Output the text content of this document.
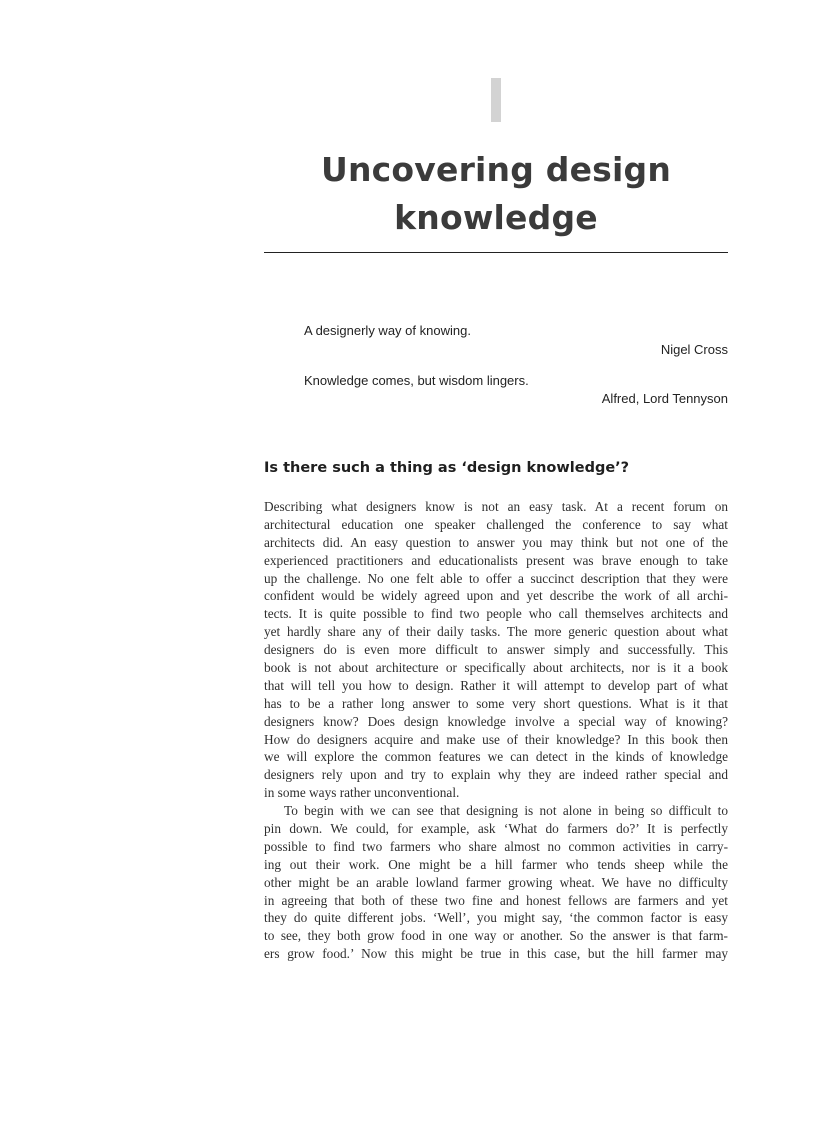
Uncovering design
knowledge
A designerly way of knowing.
Nigel Cross
Knowledge comes, but wisdom lingers.
Alfred, Lord Tennyson
Is there such a thing as ‘design knowledge’?
Describing what designers know is not an easy task. At a recent forum on
architectural education one speaker challenged the conference to say what
architects did. An easy question to answer you may think but not one of the
experienced practitioners and educationalists present was brave enough to take
up the challenge. No one felt able to offer a succinct description that they were
confident would be widely agreed upon and yet describe the work of all archi-
tects. It is quite possible to find two people who call themselves architects and
yet hardly share any of their daily tasks. The more generic question about what
designers do is even more difficult to answer simply and successfully. This
book is not about architecture or specifically about architects, nor is it a book
that will tell you how to design. Rather it will attempt to develop part of what
has to be a rather long answer to some very short questions. What is it that
designers know? Does design knowledge involve a special way of knowing?
How do designers acquire and make use of their knowledge? In this book then
we will explore the common features we can detect in the kinds of knowledge
designers rely upon and try to explain why they are indeed rather special and
in some ways rather unconventional.
To begin with we can see that designing is not alone in being so difficult to
pin down. We could, for example, ask ‘What do farmers do?’ It is perfectly
possible to find two farmers who share almost no common activities in carry-
ing out their work. One might be a hill farmer who tends sheep while the
other might be an arable lowland farmer growing wheat. We have no difficulty
in agreeing that both of these two fine and honest fellows are farmers and yet
they do quite different jobs. ‘Well’, you might say, ‘the common factor is easy
to see, they both grow food in one way or another. So the answer is that farm-
ers grow food.’ Now this might be true in this case, but the hill farmer may
